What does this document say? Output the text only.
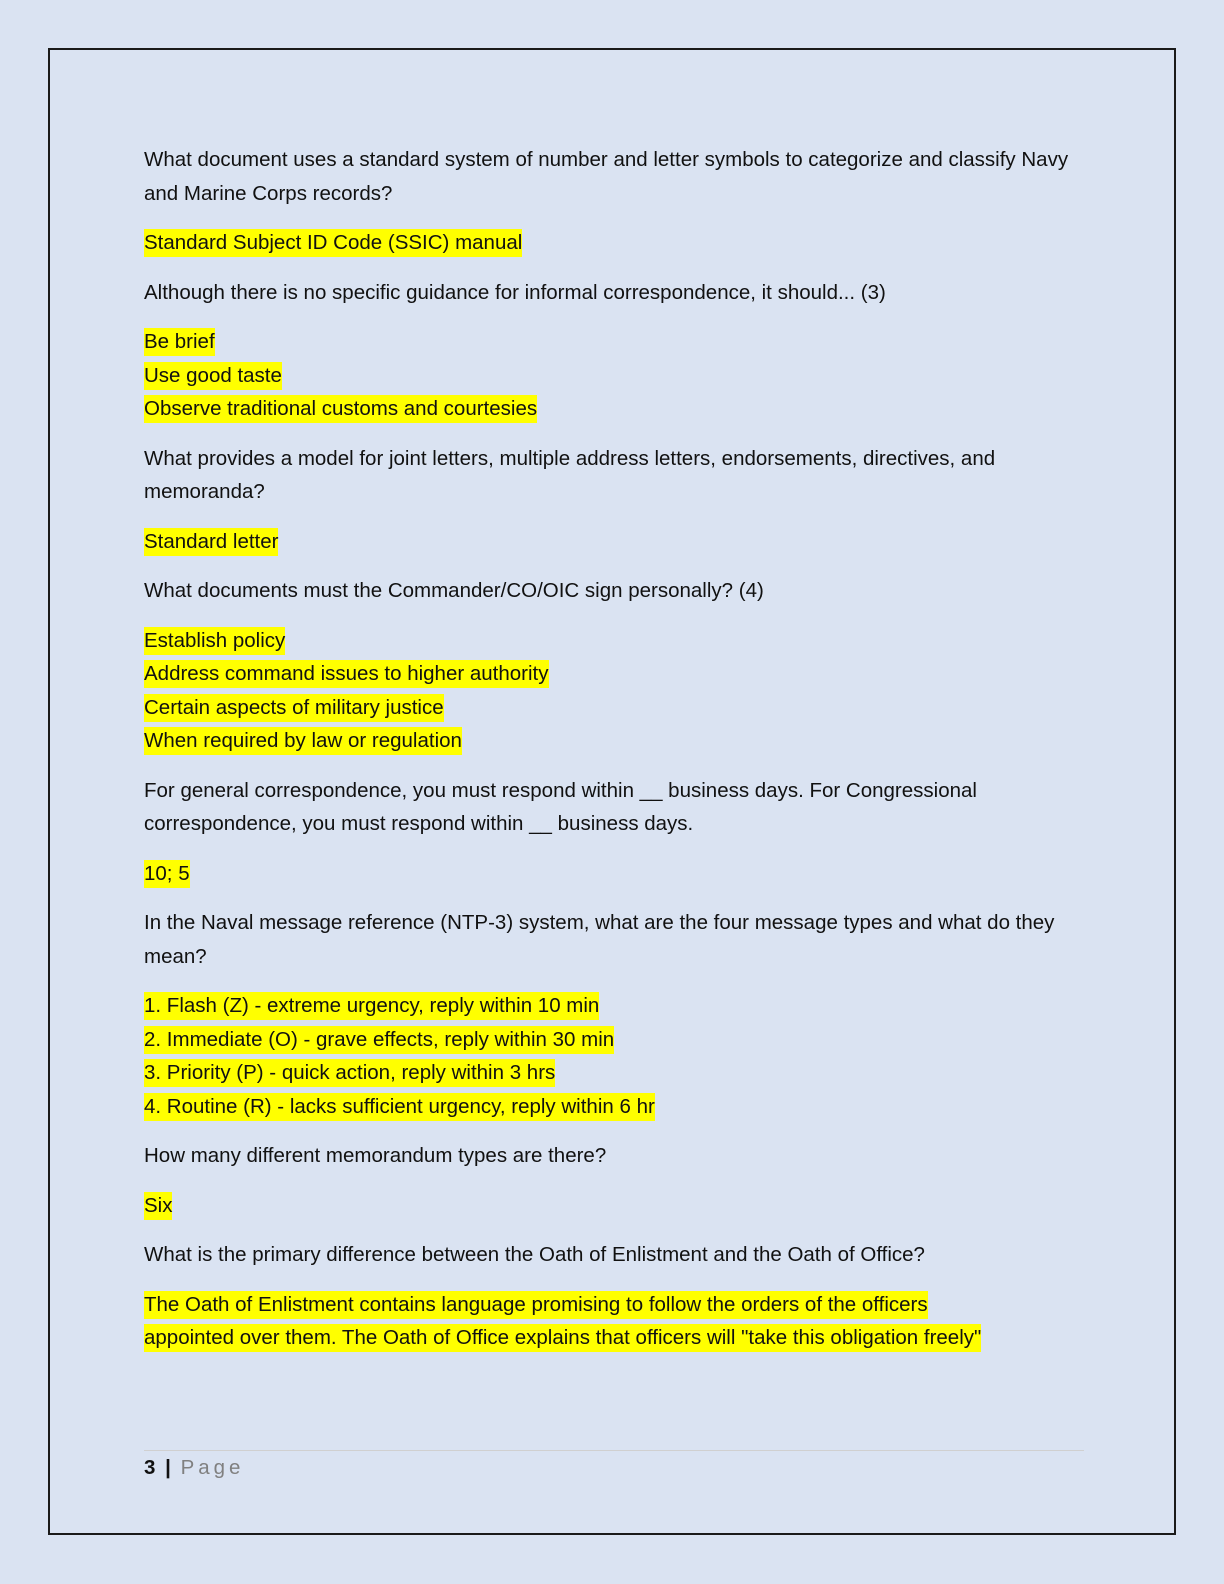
What document uses a standard system of number and letter symbols to categorize and classify Navy and Marine Corps records?

Standard Subject ID Code (SSIC) manual

Although there is no specific guidance for informal correspondence, it should... (3)

Be brief
Use good taste
Observe traditional customs and courtesies

What provides a model for joint letters, multiple address letters, endorsements, directives, and memoranda?

Standard letter

What documents must the Commander/CO/OIC sign personally? (4)

Establish policy
Address command issues to higher authority
Certain aspects of military justice
When required by law or regulation

For general correspondence, you must respond within __ business days. For Congressional correspondence, you must respond within __ business days.

10; 5

In the Naval message reference (NTP-3) system, what are the four message types and what do they mean?

1. Flash (Z) - extreme urgency, reply within 10 min
2. Immediate (O) - grave effects, reply within 30 min
3. Priority (P) - quick action, reply within 3 hrs
4. Routine (R) - lacks sufficient urgency, reply within 6 hr

How many different memorandum types are there?

Six

What is the primary difference between the Oath of Enlistment and the Oath of Office?

The Oath of Enlistment contains language promising to follow the orders of the officers
appointed over them. The Oath of Office explains that officers will "take this obligation freely"
3 | Page
